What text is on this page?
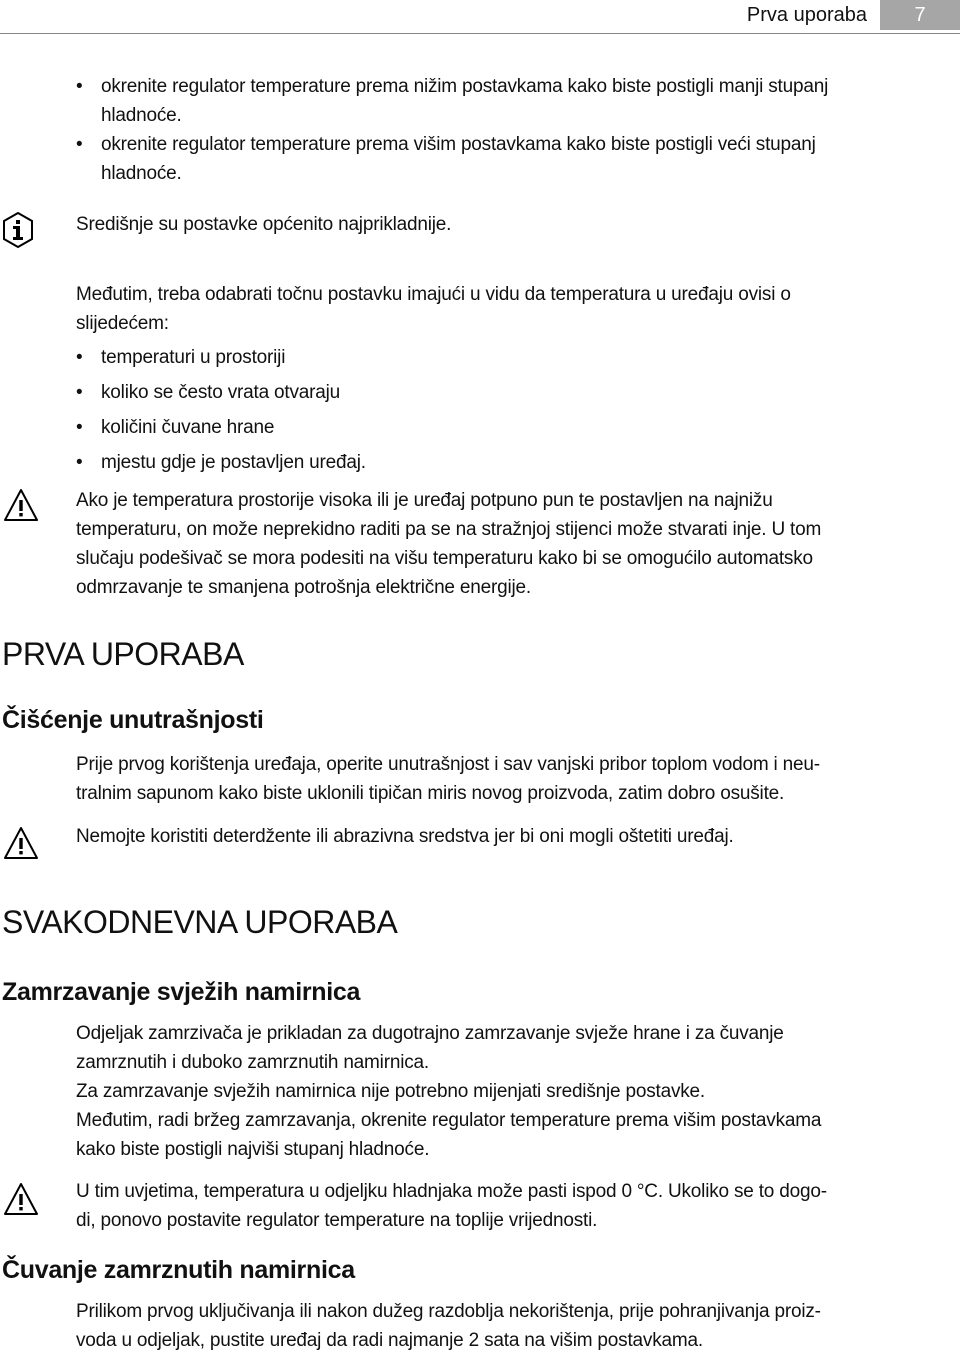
Prva uporaba	7
• okrenite regulator temperature prema nižim postavkama kako biste postigli manji stupanj
hladnoće.
• okrenite regulator temperature prema višim postavkama kako biste postigli veći stupanj
hladnoće.
Središnje su postavke općenito najprikladnije.
Međutim, treba odabrati točnu postavku imajući u vidu da temperatura u uređaju ovisi o
slijedećem:
• temperaturi u prostoriji
• koliko se često vrata otvaraju
• količini čuvane hrane
• mjestu gdje je postavljen uređaj.
Ako je temperatura prostorije visoka ili je uređaj potpuno pun te postavljen na najnižu
temperaturu, on može neprekidno raditi pa se na stražnjoj stijenci može stvarati inje. U tom
slučaju podešivač se mora podesiti na višu temperaturu kako bi se omogućilo automatsko
odmrzavanje te smanjena potrošnja električne energije.
PRVA UPORABA
Čišćenje unutrašnjosti
Prije prvog korištenja uređaja, operite unutrašnjost i sav vanjski pribor toplom vodom i neu-
tralnim sapunom kako biste uklonili tipičan miris novog proizvoda, zatim dobro osušite.
Nemojte koristiti deterdžente ili abrazivna sredstva jer bi oni mogli oštetiti uređaj.
SVAKODNEVNA UPORABA
Zamrzavanje svježih namirnica
Odjeljak zamrzivača je prikladan za dugotrajno zamrzavanje svježe hrane i za čuvanje
zamrznutih i duboko zamrznutih namirnica.
Za zamrzavanje svježih namirnica nije potrebno mijenjati središnje postavke.
Međutim, radi bržeg zamrzavanja, okrenite regulator temperature prema višim postavkama
kako biste postigli najviši stupanj hladnoće.
U tim uvjetima, temperatura u odjeljku hladnjaka može pasti ispod 0 °C. Ukoliko se to dogo-
di, ponovo postavite regulator temperature na toplije vrijednosti.
Čuvanje zamrznutih namirnica
Prilikom prvog uključivanja ili nakon dužeg razdoblja nekorištenja, prije pohranjivanja proiz-
voda u odjeljak, pustite uređaj da radi najmanje 2 sata na višim postavkama.
